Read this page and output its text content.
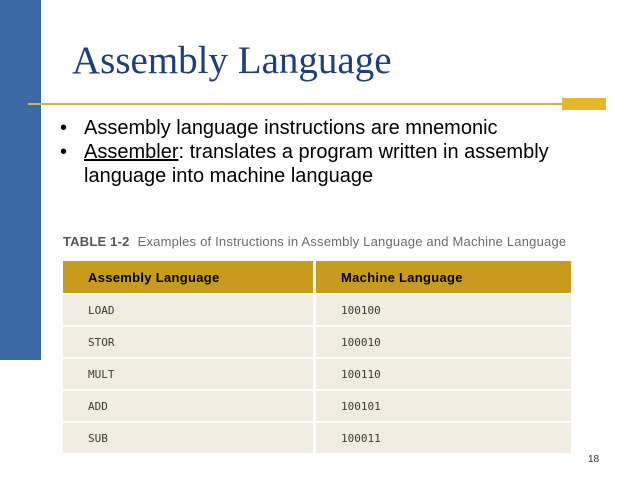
Assembly Language
• Assembly language instructions are mnemonic
• Assembler: translates a program written in assembly language into machine language
TABLE 1-2 Examples of Instructions in Assembly Language and Machine Language
Assembly Language	Machine Language
LOAD	100100
STOR	100010
MULT	100110
ADD	100101
SUB	100011
18
